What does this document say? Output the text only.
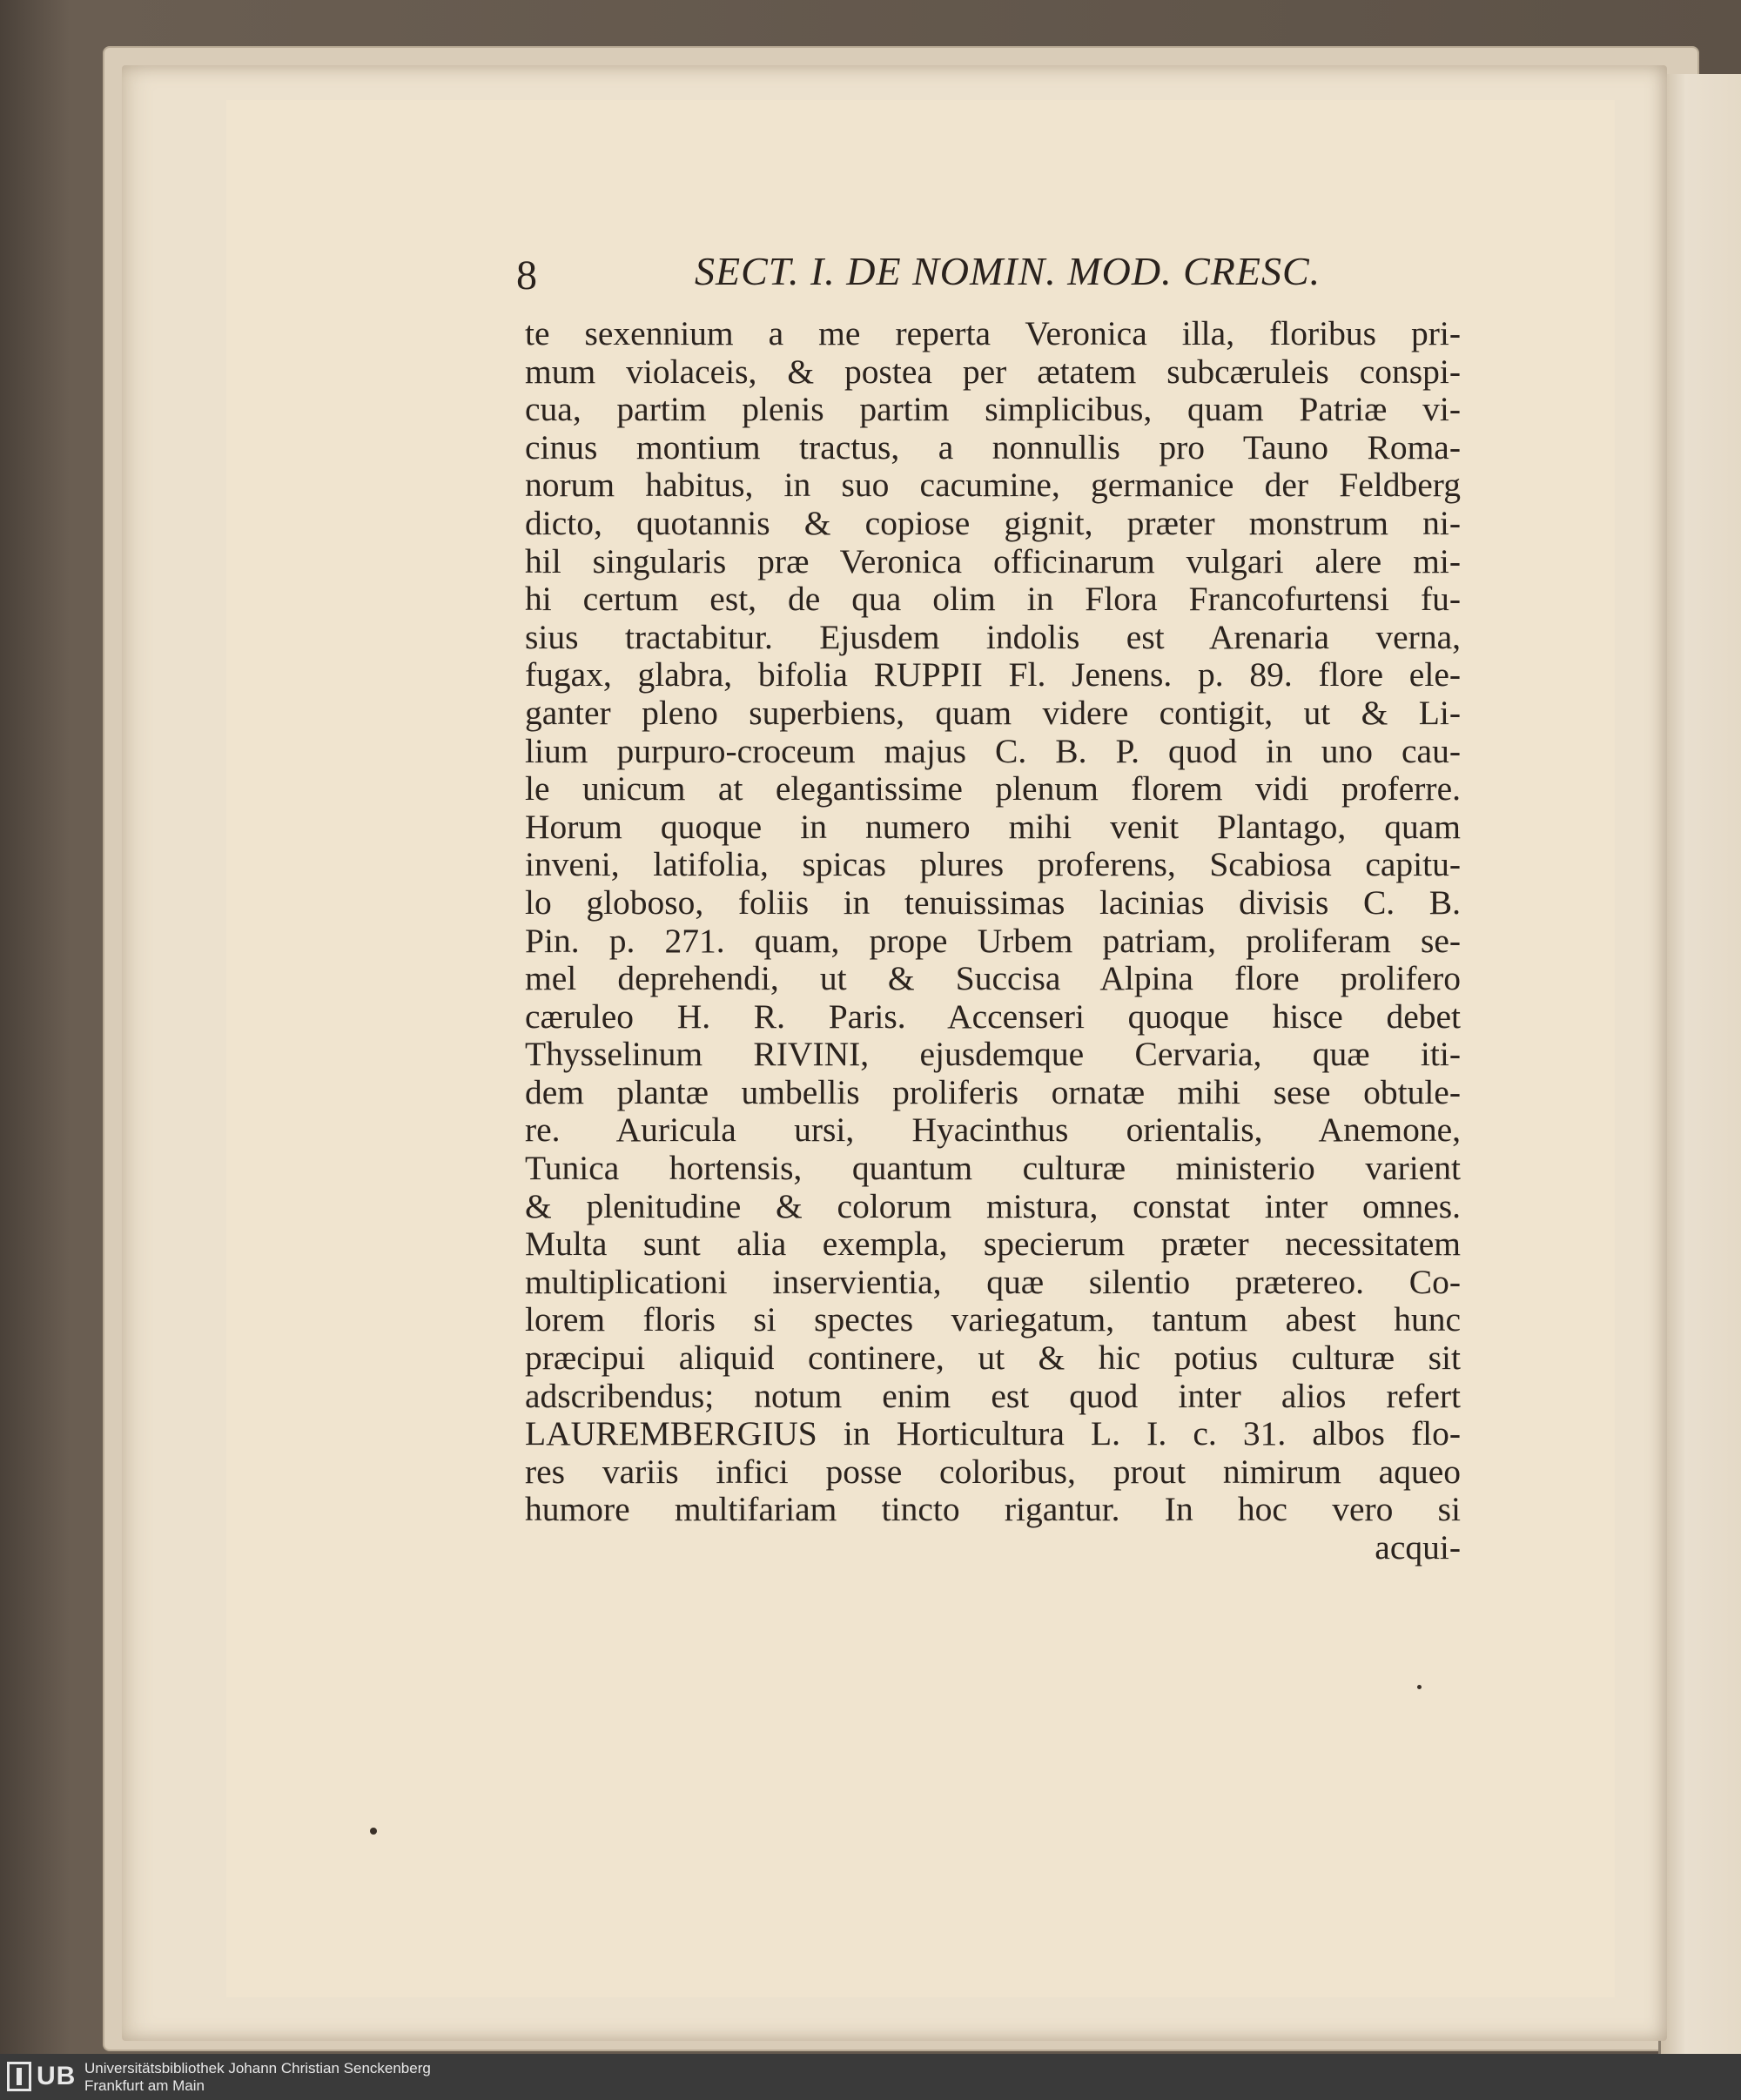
8	SECT. I. DE NOMIN. MOD. CRESC.
te sexennium a me reperta Veronica illa, floribus pri-
mum violaceis, & postea per ætatem subcæruleis conspi-
cua, partim plenis partim simplicibus, quam Patriæ vi-
cinus montium tractus, a nonnullis pro Tauno Roma-
norum habitus, in suo cacumine, germanice der Feldberg
dicto, quotannis & copiose gignit, præter monstrum ni-
hil singularis præ Veronica officinarum vulgari alere mi-
hi certum est, de qua olim in Flora Francofurtensi fu-
sius tractabitur. Ejusdem indolis est Arenaria verna,
fugax, glabra, bifolia RUPPII Fl. Jenens. p. 89. flore ele-
ganter pleno superbiens, quam videre contigit, ut & Li-
lium purpuro-croceum majus C. B. P. quod in uno cau-
le unicum at elegantissime plenum florem vidi proferre.
Horum quoque in numero mihi venit Plantago, quam
inveni, latifolia, spicas plures proferens, Scabiosa capitu-
lo globoso, foliis in tenuissimas lacinias divisis C. B.
Pin. p. 271. quam, prope Urbem patriam, proliferam se-
mel deprehendi, ut & Succisa Alpina flore prolifero
cæruleo H. R. Paris. Accenseri quoque hisce debet
Thysselinum RIVINI, ejusdemque Cervaria, quæ iti-
dem plantæ umbellis proliferis ornatæ mihi sese obtule-
re. Auricula ursi, Hyacinthus orientalis, Anemone,
Tunica hortensis, quantum culturæ ministerio varient
& plenitudine & colorum mistura, constat inter omnes.
Multa sunt alia exempla, specierum præter necessitatem
multiplicationi inservientia, quæ silentio prætereo. Co-
lorem floris si spectes variegatum, tantum abest hunc
præcipui aliquid continere, ut & hic potius culturæ sit
adscribendus; notum enim est quod inter alios refert
LAUREMBERGIUS in Horticultura L. I. c. 31. albos flo-
res variis infici posse coloribus, prout nimirum aqueo
humore multifariam tincto rigantur. In hoc vero si
acqui-
UB Universitätsbibliothek Johann Christian Senckenberg
Frankfurt am Main
